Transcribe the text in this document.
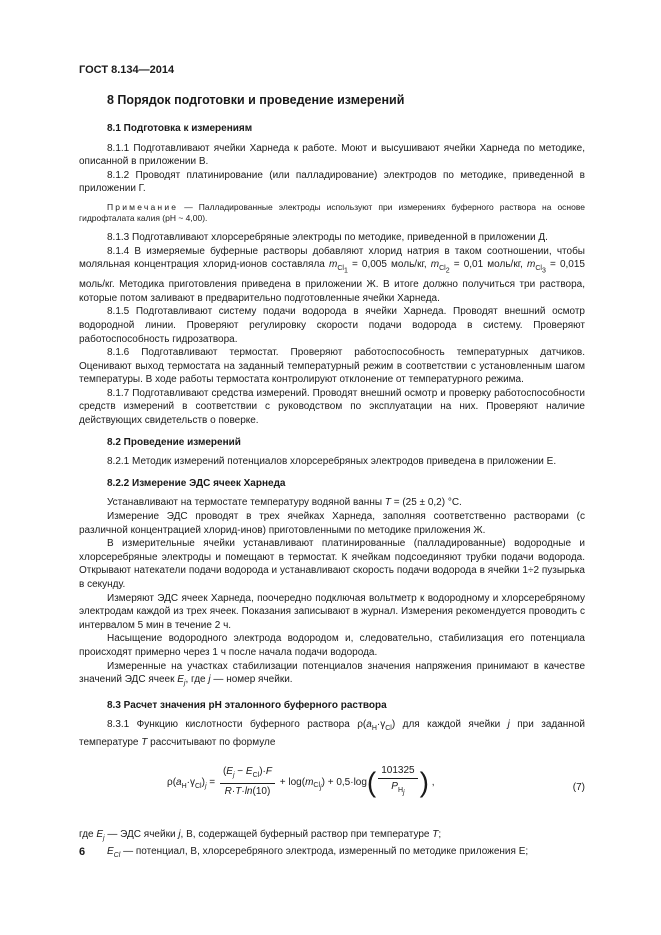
ГОСТ 8.134—2014
8 Порядок подготовки и проведение измерений
8.1 Подготовка к измерениям

8.1.1 Подготавливают ячейки Харнеда к работе. Моют и высушивают ячейки Харнеда по методике, описанной в приложении В.

8.1.2 Проводят платинирование (или палладирование) электродов по методике, приведенной в приложении Г.

Примечание — Палладированные электроды используют при измерениях буферного раствора на основе гидрофталата калия (рН ~ 4,00).

8.1.3 Подготавливают хлорсеребряные электроды по методике, приведенной в приложении Д.

8.1.4 В измеряемые буферные растворы добавляют хлорид натрия в таком соотношении, чтобы моляльная концентрация хлорид-ионов составляла $m_{Cl_1} = 0,005$ моль/кг, $m_{Cl_2} = 0,01$ моль/кг, $m_{Cl_3} = 0,015$ моль/кг. Методика приготовления приведена в приложении Ж. В итоге должно получиться три раствора, которые потом заливают в предварительно подготовленные ячейки Харнеда.

8.1.5 Подготавливают систему подачи водорода в ячейки Харнеда. Проводят внешний осмотр водородной линии. Проверяют регулировку скорости подачи водорода в систему. Проверяют работоспособность гидрозатвора.

8.1.6 Подготавливают термостат. Проверяют работоспособность температурных датчиков. Оценивают выход термостата на заданный температурный режим в соответствии с установленным шагом температуры. В ходе работы термостата контролируют отклонение от температурного режима.

8.1.7 Подготавливают средства измерений. Проводят внешний осмотр и проверку работоспособности средств измерений в соответствии с руководством по эксплуатации на них. Проверяют наличие действующих свидетельств о поверке.

8.2 Проведение измерений

8.2.1 Методик измерений потенциалов хлорсеребряных электродов приведена в приложении Е.

8.2.2 Измерение ЭДС ячеек Харнеда

Устанавливают на термостате температуру водяной ванны T = (25 ± 0,2) °С.

Измерение ЭДС проводят в трех ячейках Харнеда, заполняя соответственно растворами (с различной концентрацией хлорид-инов) приготовленными по методике приложения Ж.

В измерительные ячейки устанавливают платинированные (палладированные) водородные и хлорсеребряные электроды и помещают в термостат. К ячейкам подсоединяют трубки подачи водорода. Открывают натекатели подачи водорода и устанавливают скорость подачи водорода в ячейки 1÷2 пузырька в секунду.

Измеряют ЭДС ячеек Харнеда, поочередно подключая вольтметр к водородному и хлорсеребряному электродам каждой из трех ячеек. Показания записывают в журнал. Измерения рекомендуется проводить с интервалом 5 мин в течение 2 ч.

Насыщение водородного электрода водородом и, следовательно, стабилизация его потенциала происходят примерно через 1 ч после начала подачи водорода.

Измеренные на участках стабилизации потенциалов значения напряжения принимают в качестве значений ЭДС ячеек $E_j$, где j — номер ячейки.

8.3 Расчет значения рН эталонного буферного раствора

8.3.1 Функцию кислотности буферного раствора $\rho(a_H\cdot\gamma_{Cl})$ для каждой ячейки j при заданной температуре T рассчитывают по формуле

$\rho(a_H\cdot\gamma_{Cl})_j = \frac{(E_j - E_{Cl})\cdot F}{R\cdot T\cdot\ln(10)} + \log(m_{Cl_j}) + 0,5\cdot\log( \frac{101325}{P_{H_j}}$ ) ,	(7)

где $E_j$ — ЭДС ячейки j, В, содержащей буферный раствор при температуре T;

$E_{Cl}$ — потенциал, В, хлорсеребряного электрода, измеренный по методике приложения Е;

6
